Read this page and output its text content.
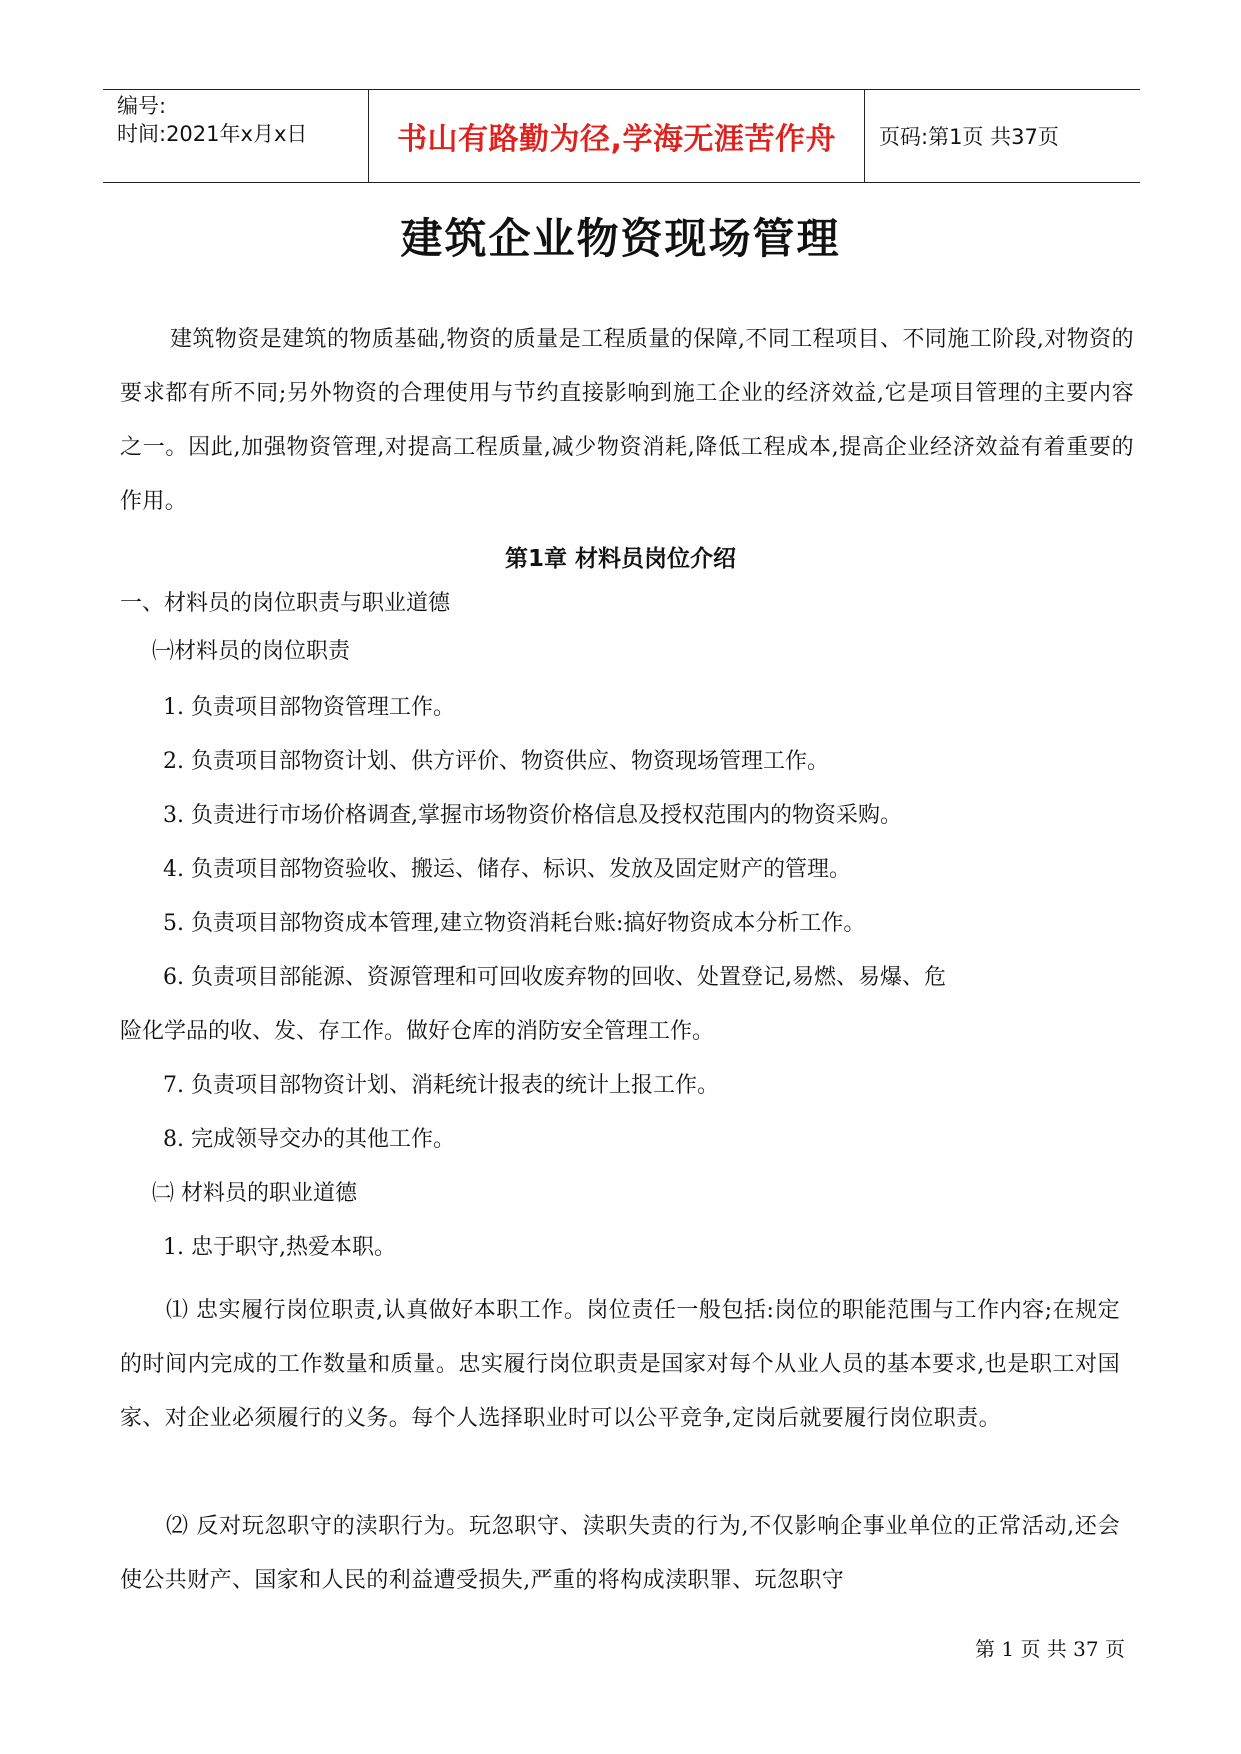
编号:
时间:2021年x月x日	书山有路勤为径,学海无涯苦作舟 页码:第1页 共37页
建筑企业物资现场管理
建筑物资是建筑的物质基础,物资的质量是工程质量的保障,不同工程项目、不同施工阶段,对物资的要求都有所不同;另外物资的合理使用与节约直接影响到施工企业的经济效益,它是项目管理的主要内容之一。因此,加强物资管理,对提高工程质量,减少物资消耗,降低工程成本,提高企业经济效益有着重要的作用。
第1章 材料员岗位介绍
一、材料员的岗位职责与职业道德
㈠材料员的岗位职责
1. 负责项目部物资管理工作。
2. 负责项目部物资计划、供方评价、物资供应、物资现场管理工作。
3. 负责进行市场价格调查,掌握市场物资价格信息及授权范围内的物资采购。
4. 负责项目部物资验收、搬运、储存、标识、发放及固定财产的管理。
5. 负责项目部物资成本管理,建立物资消耗台账:搞好物资成本分析工作。
6. 负责项目部能源、资源管理和可回收废弃物的回收、处置登记,易燃、易爆、危
险化学品的收、发、存工作。做好仓库的消防安全管理工作。
7. 负责项目部物资计划、消耗统计报表的统计上报工作。
8. 完成领导交办的其他工作。
㈡ 材料员的职业道德
1. 忠于职守,热爱本职。
⑴ 忠实履行岗位职责,认真做好本职工作。岗位责任一般包括:岗位的职能范围与工作内容;在规定的时间内完成的工作数量和质量。忠实履行岗位职责是国家对每个从业人员的基本要求,也是职工对国家、对企业必须履行的义务。每个人选择职业时可以公平竞争,定岗后就要履行岗位职责。
⑵ 反对玩忽职守的渎职行为。玩忽职守、渎职失责的行为,不仅影响企事业单位的正常活动,还会使公共财产、国家和人民的利益遭受损失,严重的将构成渎职罪、玩忽职守
第 1 页 共 37 页
